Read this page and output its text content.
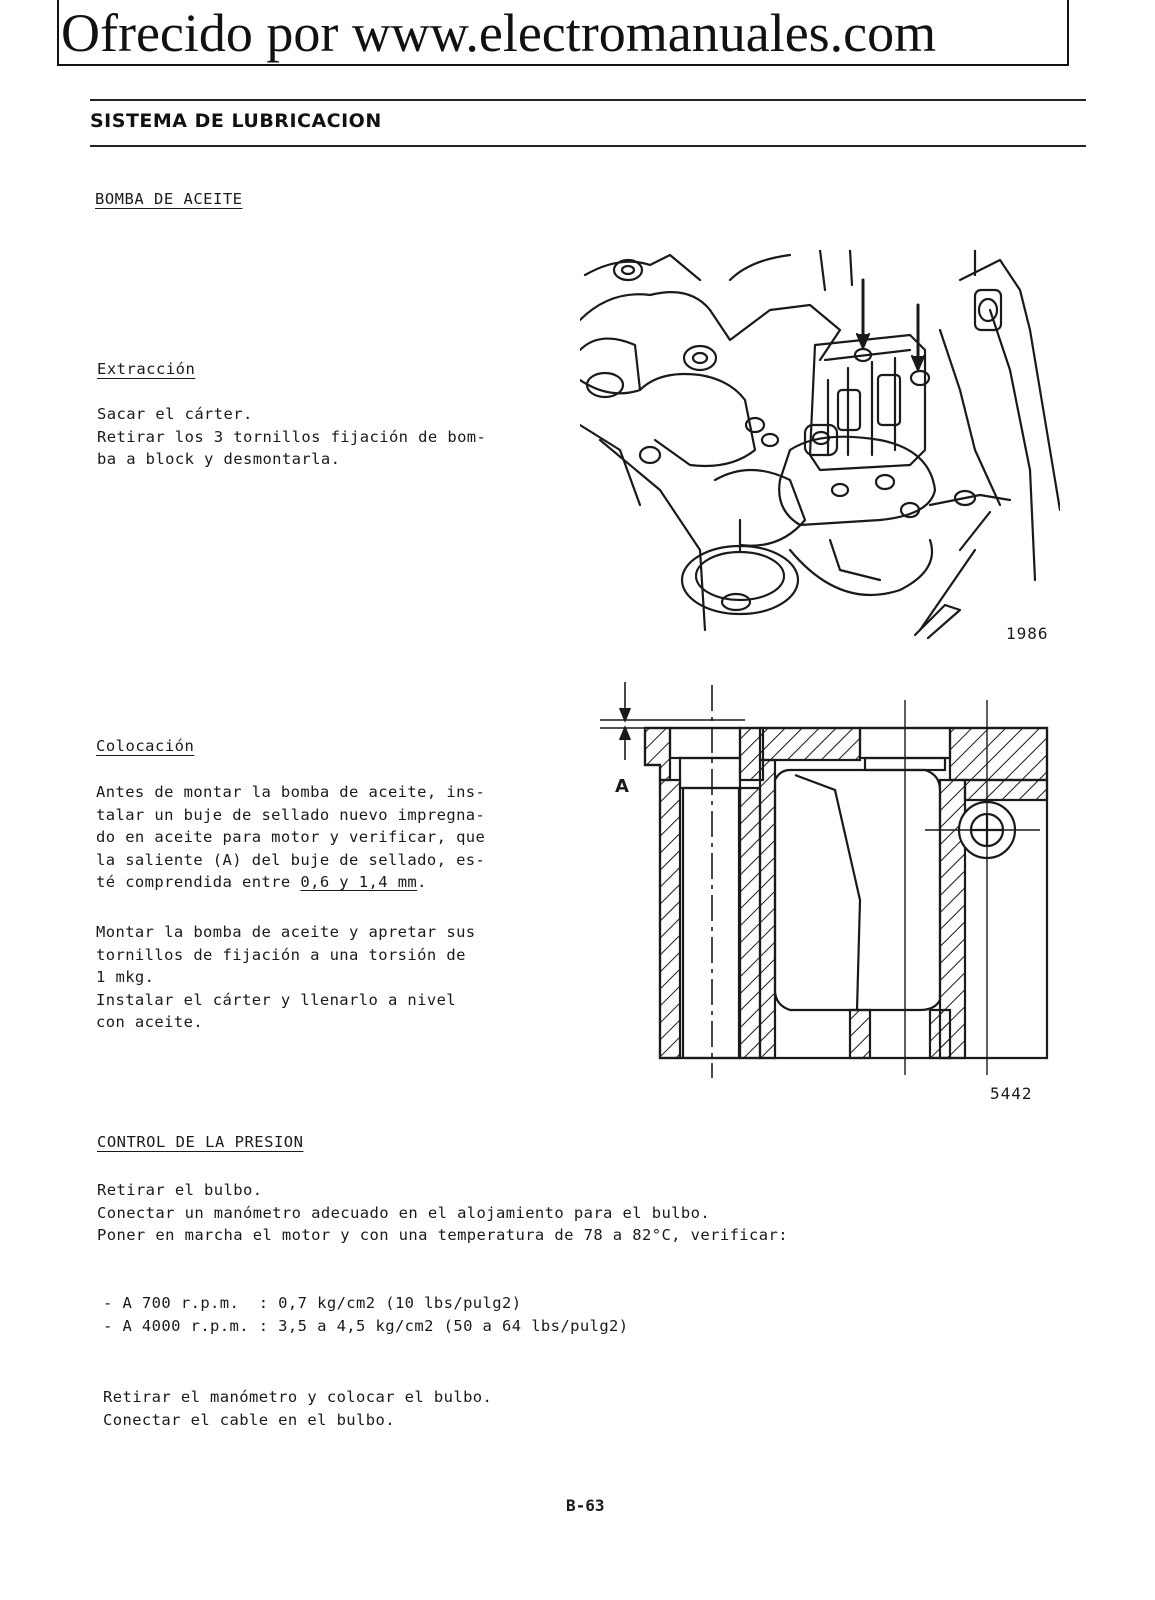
Ofrecido por www.electromanuales.com
SISTEMA DE LUBRICACION
BOMBA DE ACEITE
Extracción
Sacar el cárter.
Retirar los 3 tornillos fijación de bom-
ba a block y desmontarla.
1986
Colocación
Antes de montar la bomba de aceite, ins-
talar un buje de sellado nuevo impregna-
do en aceite para motor y verificar, que
la saliente (A) del buje de sellado, es-
té comprendida entre 0,6 y 1,4 mm.
Montar la bomba de aceite y apretar sus
tornillos de fijación a una torsión de
1 mkg.
Instalar el cárter y llenarlo a nivel
con aceite.
A
5442
CONTROL DE LA PRESION
Retirar el bulbo.
Conectar un manómetro adecuado en el alojamiento para el bulbo.
Poner en marcha el motor y con una temperatura de 78 a 82°C, verificar:
- A 700 r.p.m.  : 0,7 kg/cm2 (10 lbs/pulg2)
- A 4000 r.p.m. : 3,5 a 4,5 kg/cm2 (50 a 64 lbs/pulg2)
Retirar el manómetro y colocar el bulbo.
Conectar el cable en el bulbo.
B-63
